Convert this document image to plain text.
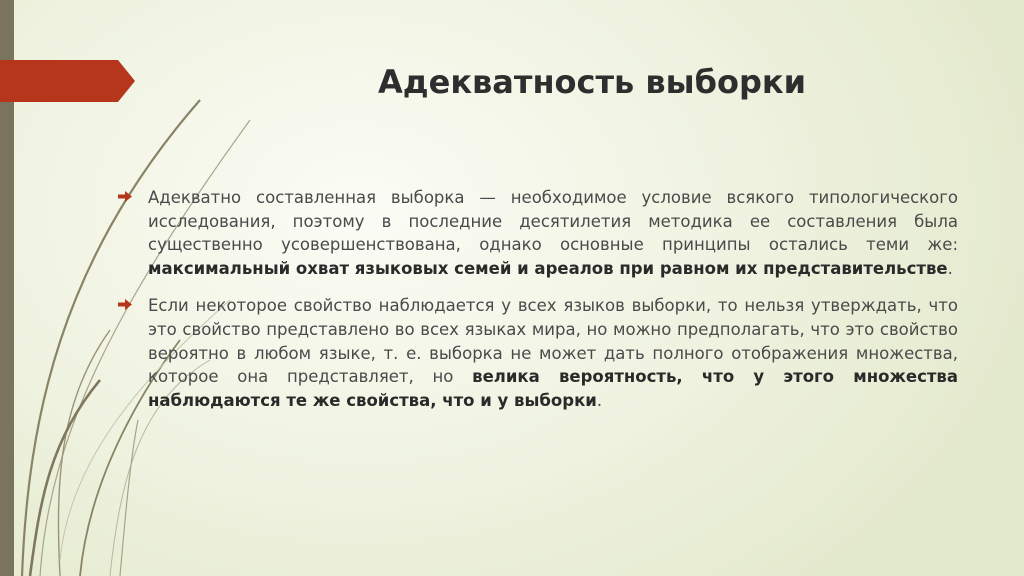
Адекватность выборки
Адекватно составленная выборка — необходимое условие всякого типологического исследования, поэтому в последние десятилетия методика ее составления была существенно усовершенствована, однако основные принципы остались теми же: максимальный охват языковых семей и ареалов при равном их представительстве.
Если некоторое свойство наблюдается у всех языков выборки, то нельзя утверждать, что это свойство представлено во всех языках мира, но можно предполагать, что это свойство вероятно в любом языке, т. е. выборка не может дать полного отображения множества, которое она представляет, но велика вероятность, что у этого множества наблюдаются те же свойства, что и у выборки.
